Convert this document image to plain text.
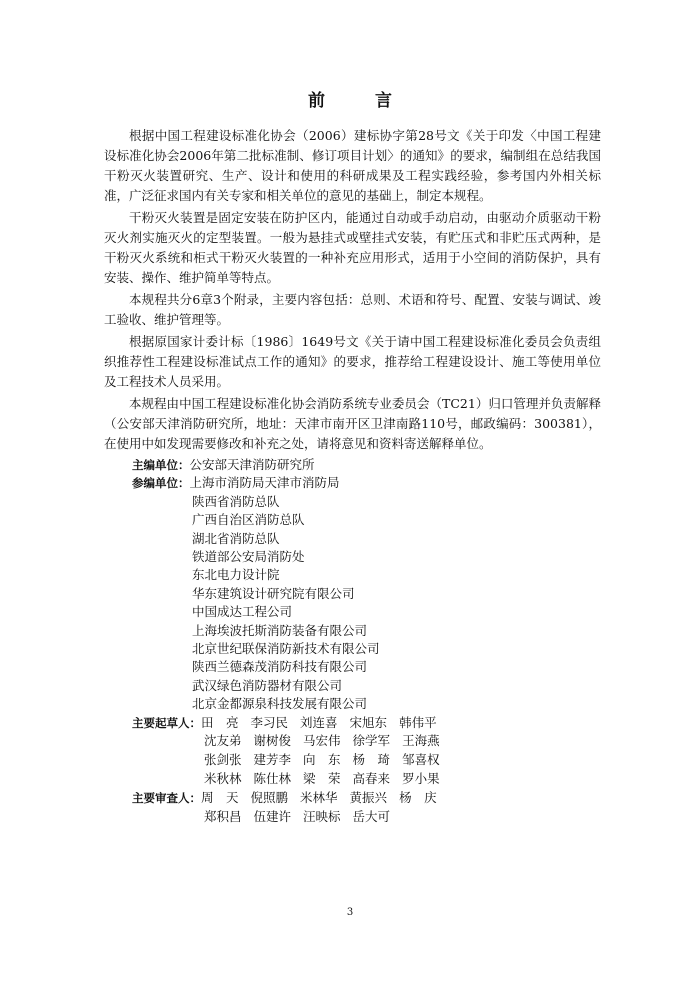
前 言

根据中国工程建设标准化协会（2006）建标协字第28号文《关于印发〈中国工程建设标准化协会2006年第二批标准制、修订项目计划〉的通知》的要求，编制组在总结我国干粉灭火装置研究、生产、设计和使用的科研成果及工程实践经验，参考国内外相关标准，广泛征求国内有关专家和相关单位的意见的基础上，制定本规程。

干粉灭火装置是固定安装在防护区内，能通过自动或手动启动，由驱动介质驱动干粉灭火剂实施灭火的定型装置。一般为悬挂式或壁挂式安装，有贮压式和非贮压式两种，是干粉灭火系统和柜式干粉灭火装置的一种补充应用形式，适用于小空间的消防保护，具有安装、操作、维护简单等特点。

本规程共分6章3个附录，主要内容包括：总则、术语和符号、配置、安装与调试、竣工验收、维护管理等。

根据原国家计委计标〔1986〕1649号文《关于请中国工程建设标准化委员会负责组织推荐性工程建设标准试点工作的通知》的要求，推荐给工程建设设计、施工等使用单位及工程技术人员采用。

本规程由中国工程建设标准化协会消防系统专业委员会（TC21）归口管理并负责解释（公安部天津消防研究所，地址：天津市南开区卫津南路110号，邮政编码：300381），在使用中如发现需要修改和补充之处，请将意见和资料寄送解释单位。

主编单位：公安部天津消防研究所
参编单位：上海市消防局天津市消防局
陕西省消防总队
广西自治区消防总队
湖北省消防总队
铁道部公安局消防处
东北电力设计院
华东建筑设计研究院有限公司
中国成达工程公司
上海埃波托斯消防装备有限公司
北京世纪联保消防新技术有限公司
陕西兰德森茂消防科技有限公司
武汉绿色消防器材有限公司
北京金都源泉科技发展有限公司
主要起草人：田　亮 李习民 刘连喜 宋旭东 韩伟平
沈友弟 谢树俊 马宏伟 徐学军 王海燕
张剑张 建芳李 向　东 杨　琦 邹喜权
米秋林 陈仕林 梁　荣 高春来 罗小果
主要审查人：周　天 倪照鹏 米林华 黄振兴 杨　庆
郑积昌 伍建许 汪映标 岳大可
3
